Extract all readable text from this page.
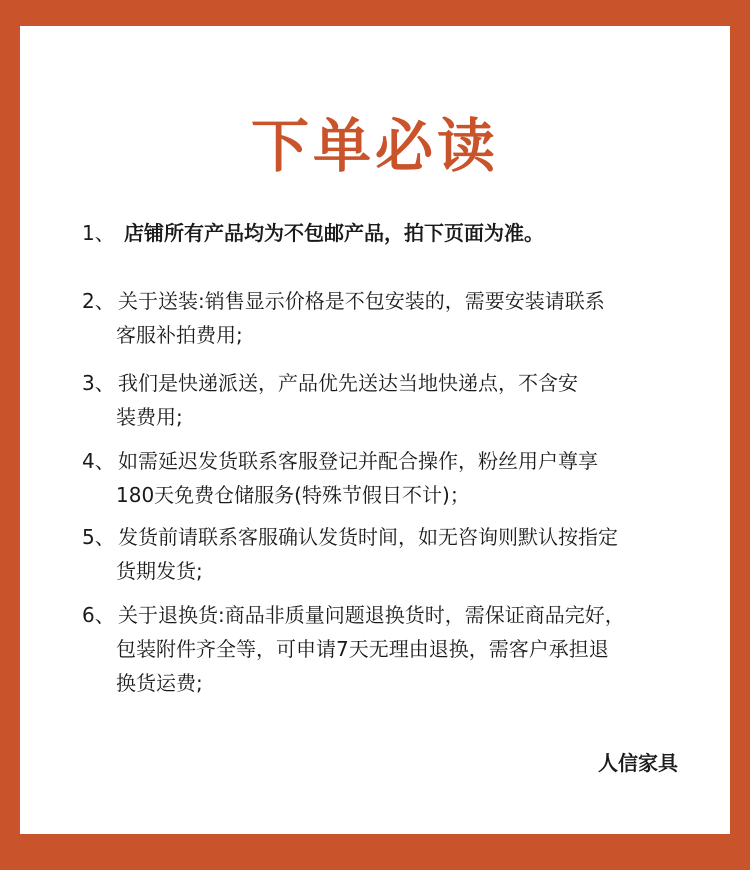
下单必读
1、 店铺所有产品均为不包邮产品，拍下页面为准。
2、 关于送装:销售显示价格是不包安装的，需要安装请联系
客服补拍费用;
3、 我们是快递派送，产品优先送达当地快递点，不含安
装费用;
4、 如需延迟发货联系客服登记并配合操作，粉丝用户尊享
180天免费仓储服务(特殊节假日不计)；
5、 发货前请联系客服确认发货时间，如无咨询则默认按指定
货期发货;
6、 关于退换货:商品非质量问题退换货时，需保证商品完好，
包装附件齐全等，可申请7天无理由退换，需客户承担退
换货运费;
人信家具
